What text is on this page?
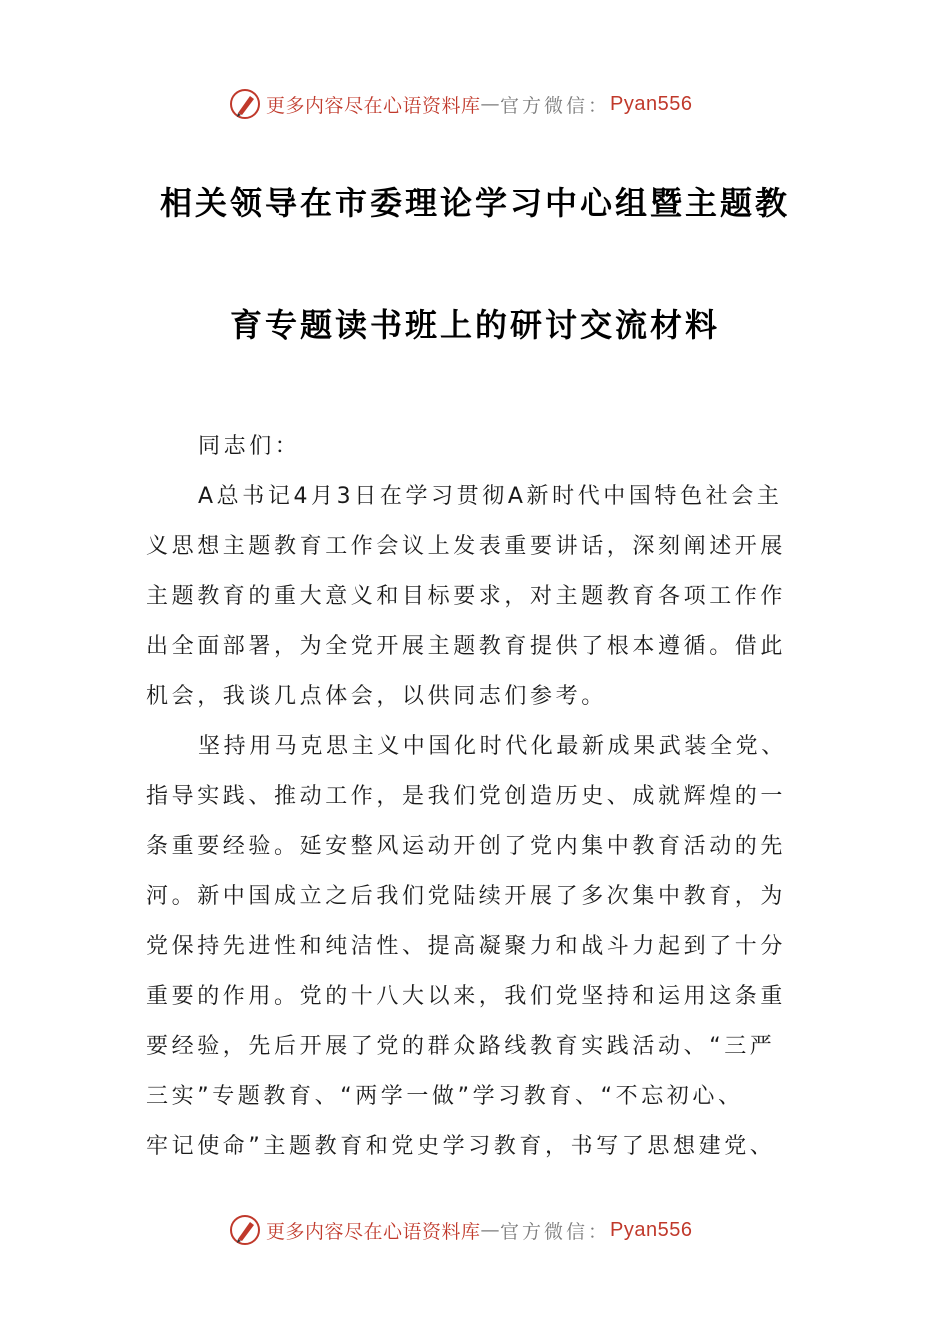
更多内容尽在心语资料库 — 官方微信： Pyan556
相关领导在市委理论学习中心组暨主题教
育专题读书班上的研讨交流材料
同志们：
A总书记4月3日在学习贯彻A新时代中国特色社会主
义思想主题教育工作会议上发表重要讲话，深刻阐述开展
主题教育的重大意义和目标要求，对主题教育各项工作作
出全面部署，为全党开展主题教育提供了根本遵循。借此
机会，我谈几点体会，以供同志们参考。
坚持用马克思主义中国化时代化最新成果武装全党、
指导实践、推动工作，是我们党创造历史、成就辉煌的一
条重要经验。延安整风运动开创了党内集中教育活动的先
河。新中国成立之后我们党陆续开展了多次集中教育，为
党保持先进性和纯洁性、提高凝聚力和战斗力起到了十分
重要的作用。党的十八大以来，我们党坚持和运用这条重
要经验，先后开展了党的群众路线教育实践活动、“三严
三实”专题教育、“两学一做”学习教育、“不忘初心、
牢记使命”主题教育和党史学习教育，书写了思想建党、
更多内容尽在心语资料库 — 官方微信： Pyan556
